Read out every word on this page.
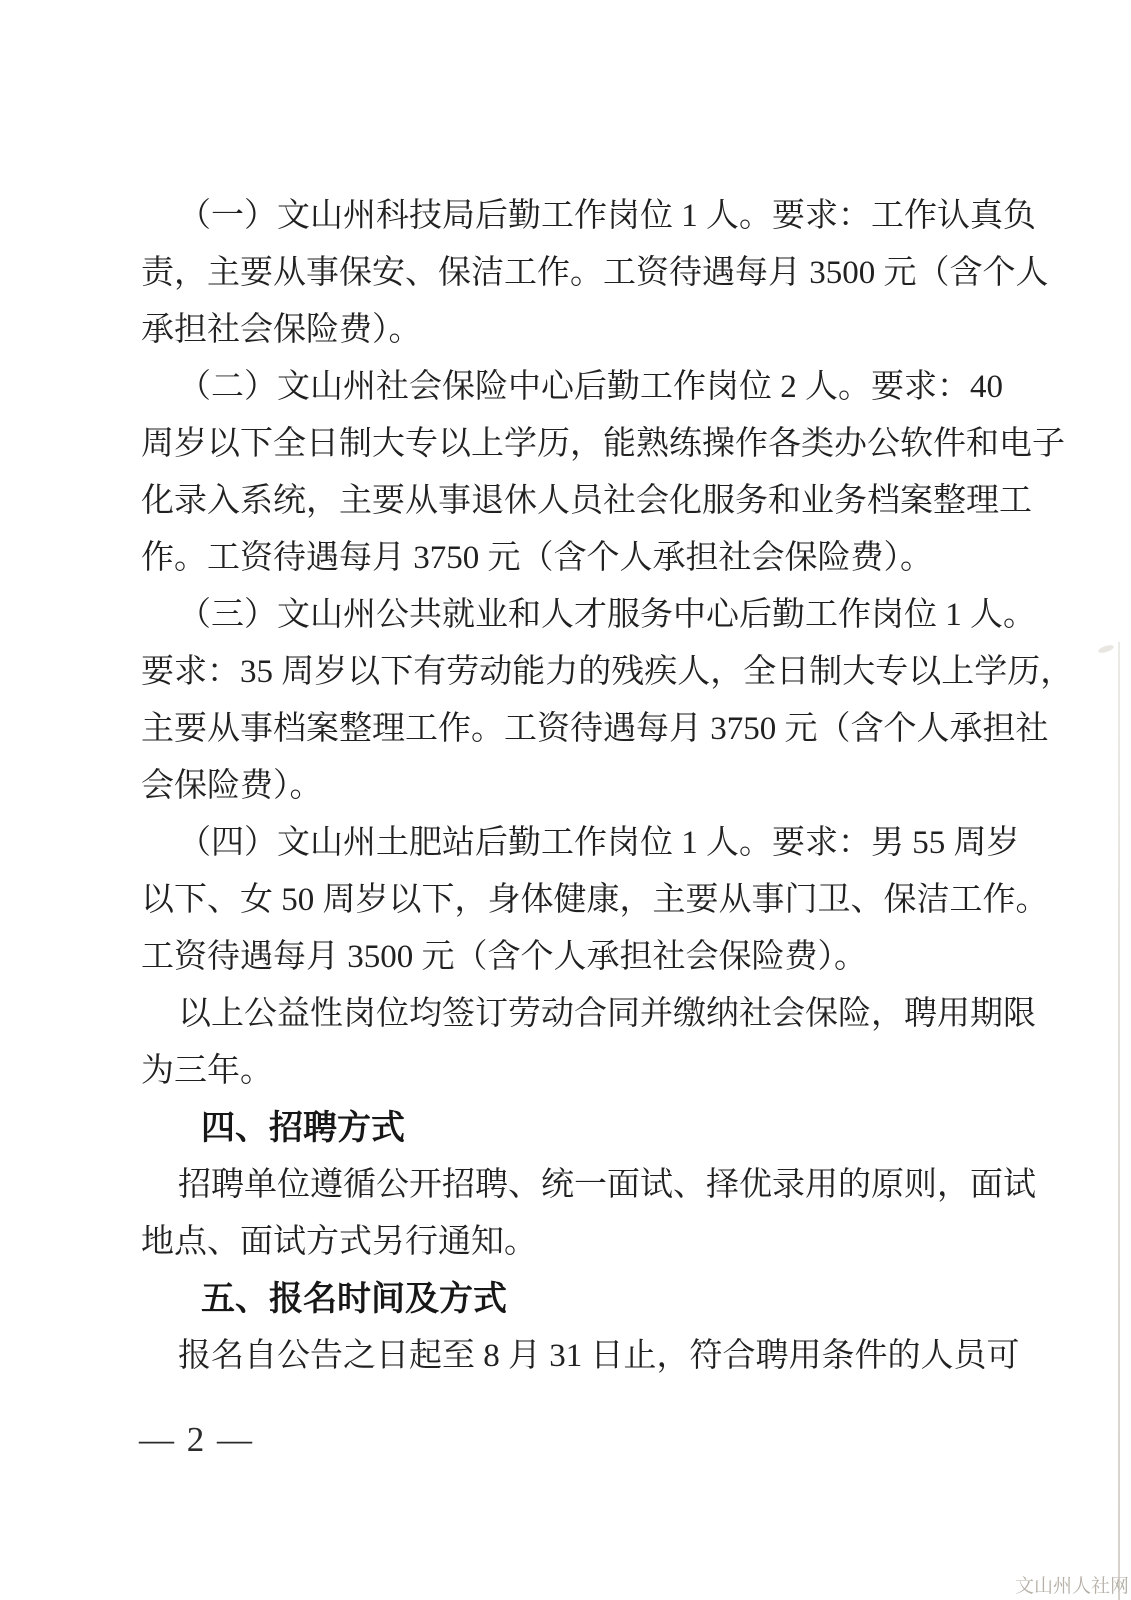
（一）文山州科技局后勤工作岗位 1 人。要求：工作认真负
责，主要从事保安、保洁工作。工资待遇每月 3500 元（含个人
承担社会保险费）。
（二）文山州社会保险中心后勤工作岗位 2 人。要求：40
周岁以下全日制大专以上学历，能熟练操作各类办公软件和电子
化录入系统，主要从事退休人员社会化服务和业务档案整理工
作。工资待遇每月 3750 元（含个人承担社会保险费）。
（三）文山州公共就业和人才服务中心后勤工作岗位 1 人。
要求：35 周岁以下有劳动能力的残疾人，全日制大专以上学历，
主要从事档案整理工作。工资待遇每月 3750 元（含个人承担社
会保险费）。
（四）文山州土肥站后勤工作岗位 1 人。要求：男 55 周岁
以下、女 50 周岁以下，身体健康，主要从事门卫、保洁工作。
工资待遇每月 3500 元（含个人承担社会保险费）。
以上公益性岗位均签订劳动合同并缴纳社会保险，聘用期限
为三年。
四、招聘方式
招聘单位遵循公开招聘、统一面试、择优录用的原则，面试
地点、面试方式另行通知。
五、报名时间及方式
报名自公告之日起至 8 月 31 日止，符合聘用条件的人员可
— 2 —
文山州人社网
